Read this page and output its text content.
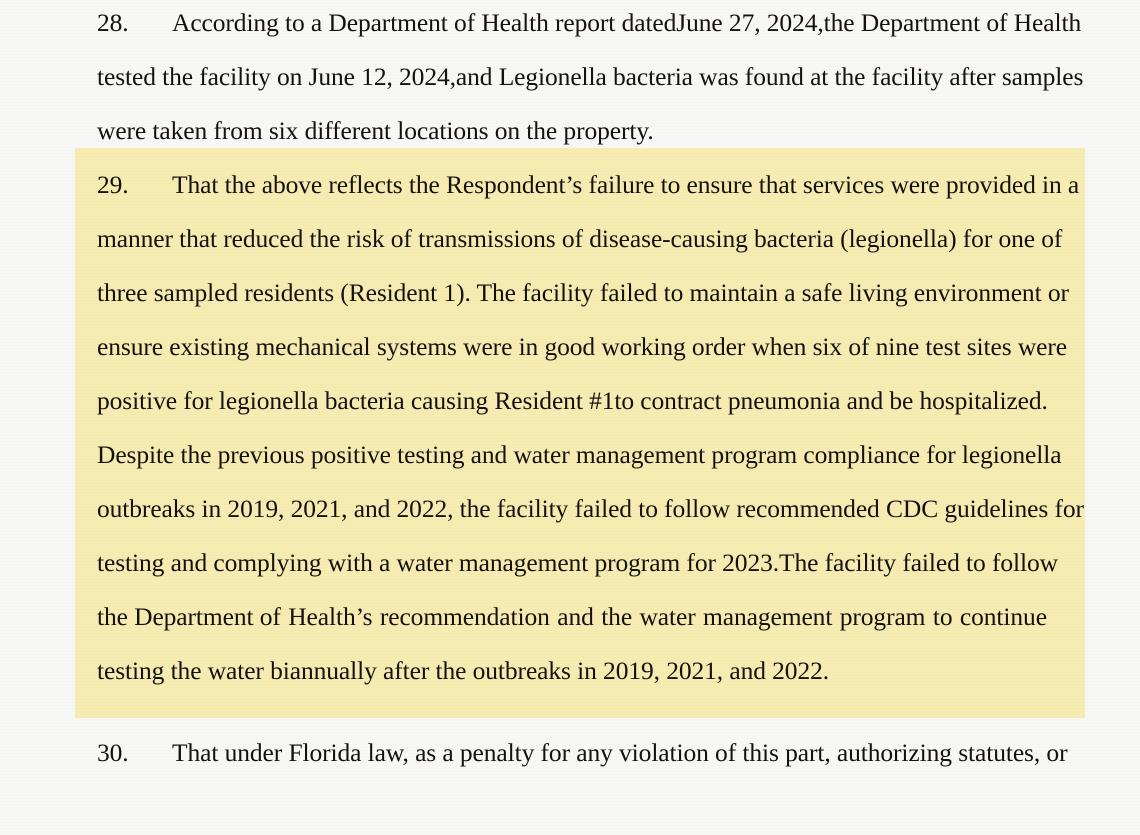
28. According to a Department of Health report dated June 27, 2024, the Department of Health
tested the facility on June 12, 2024, and Legionella bacteria was found at the facility after samples
were taken from six different locations on the property.
29. That the above reflects the Respondent’s failure to ensure that services were provided in a
manner that reduced the risk of transmissions of disease-causing bacteria (legionella) for one of
three sampled residents (Resident 1). The facility failed to maintain a safe living environment or
ensure existing mechanical systems were in good working order when six of nine test sites were
positive for legionella bacteria causing Resident #1 to contract pneumonia and be hospitalized.
Despite the previous positive testing and water management program compliance for legionella
outbreaks in 2019, 2021, and 2022, the facility failed to follow recommended CDC guidelines for
testing and complying with a water management program for 2023. The facility failed to follow
the Department of Health’s recommendation and the water management program to continue
testing the water biannually after the outbreaks in 2019, 2021, and 2022.
30. That under Florida law, as a penalty for any violation of this part, authorizing statutes, or
